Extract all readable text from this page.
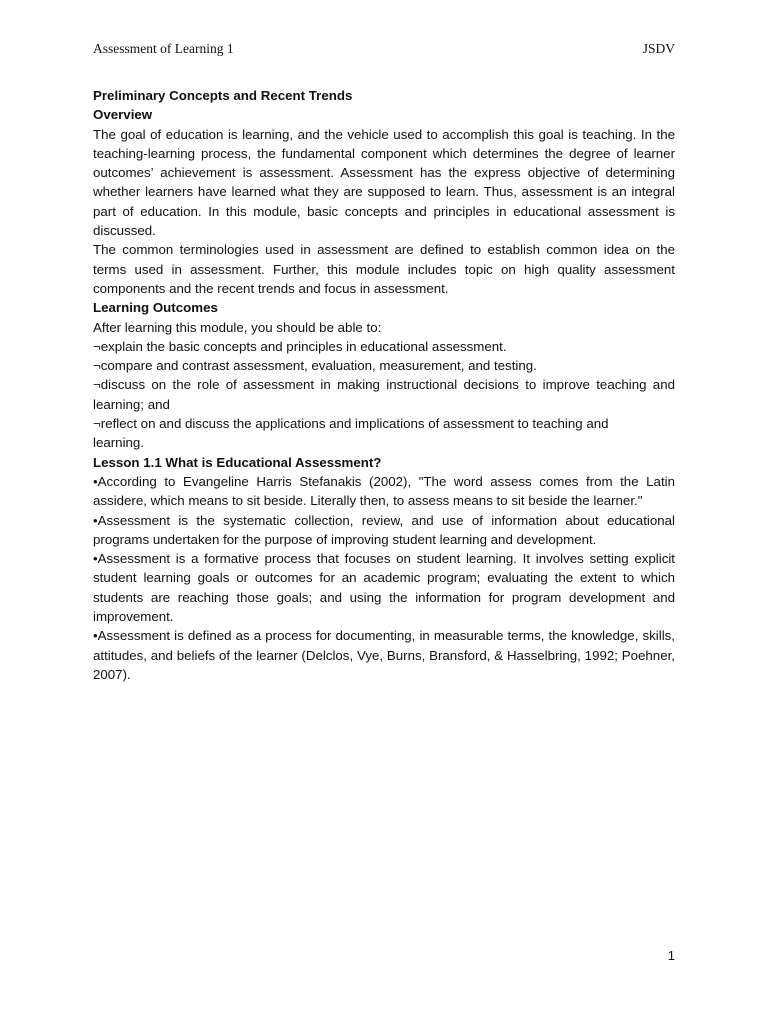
Assessment of Learning 1	JSDV

Preliminary Concepts and Recent Trends

Overview

The goal of education is learning, and the vehicle used to accomplish this goal is teaching. In the teaching-learning process, the fundamental component which determines the degree of learner outcomes’ achievement is assessment. Assessment has the express objective of determining whether learners have learned what they are supposed to learn. Thus, assessment is an integral part of education. In this module, basic concepts and principles in educational assessment is discussed.

The common terminologies used in assessment are defined to establish common idea on the terms used in assessment. Further, this module includes topic on high quality assessment components and the recent trends and focus in assessment.

Learning Outcomes

After learning this module, you should be able to:

¬explain the basic concepts and principles in educational assessment.

¬compare and contrast assessment, evaluation, measurement, and testing.

¬discuss on the role of assessment in making instructional decisions to improve teaching and learning; and

¬reflect on and discuss the applications and implications of assessment to teaching and

learning.

Lesson 1.1 What is Educational Assessment?

•According to Evangeline Harris Stefanakis (2002), "The word assess comes from the Latin assidere, which means to sit beside. Literally then, to assess means to sit beside the learner."

•Assessment is the systematic collection, review, and use of information about educational programs undertaken for the purpose of improving student learning and development.

•Assessment is a formative process that focuses on student learning. It involves setting explicit student learning goals or outcomes for an academic program; evaluating the extent to which students are reaching those goals; and using the information for program development and improvement.

•Assessment is defined as a process for documenting, in measurable terms, the knowledge, skills, attitudes, and beliefs of the learner (Delclos, Vye, Burns, Bransford, & Hasselbring, 1992; Poehner, 2007).

1
